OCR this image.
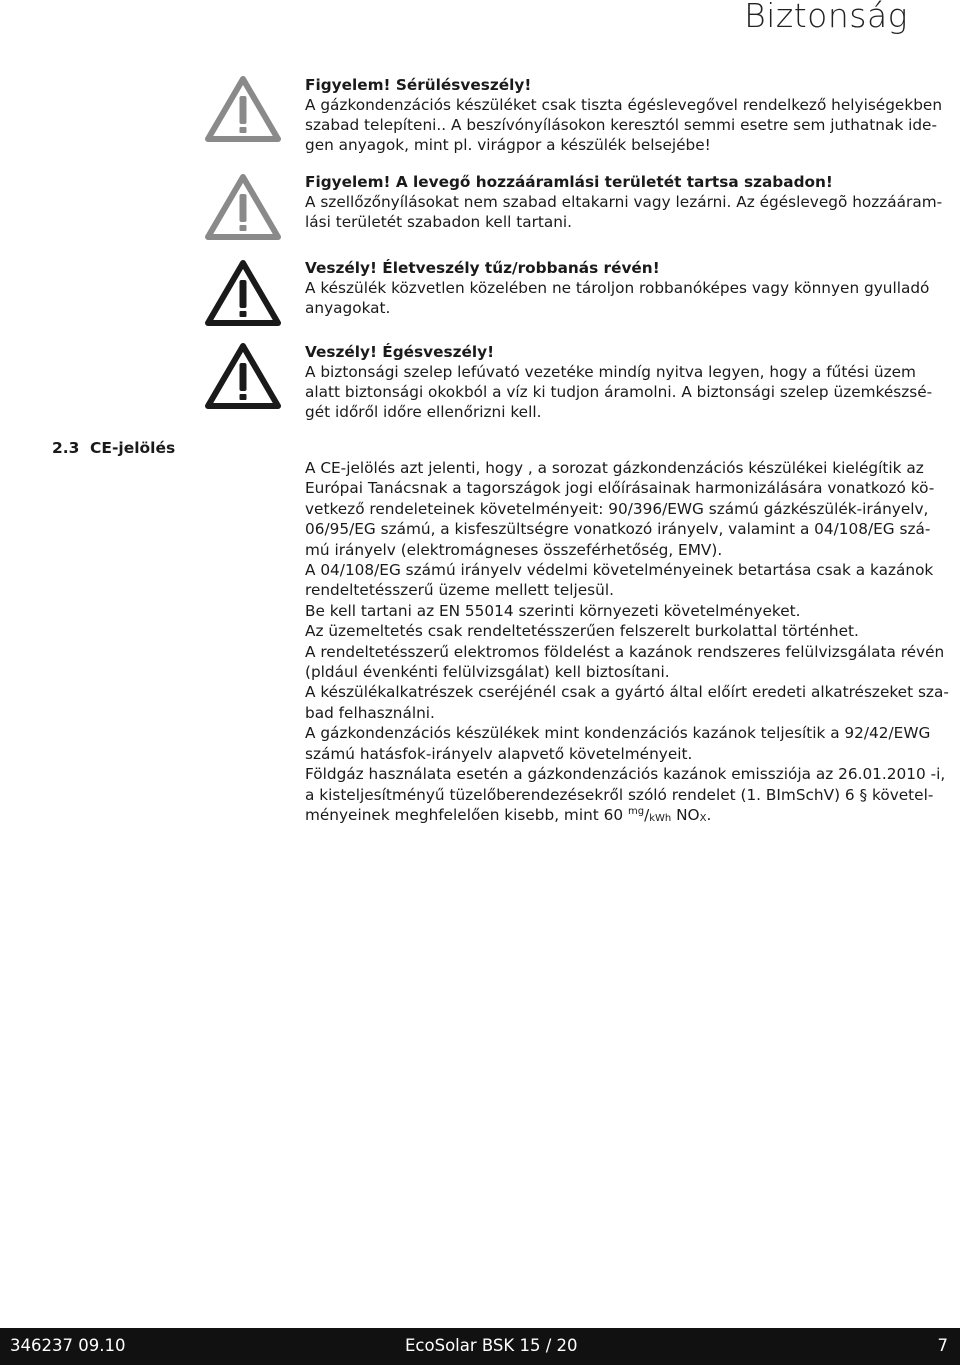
Biztonság
Figyelem! Sérülésveszély!
A gázkondenzációs készüléket csak tiszta égéslevegővel rendelkező helyiségekben
szabad telepíteni.. A beszívónyílásokon keresztól semmi esetre sem juthatnak ide-
gen anyagok, mint pl. virágpor a készülék belsejébe!
Figyelem! A levegő hozzááramlási területét tartsa szabadon!
A szellőzőnyílásokat nem szabad eltakarni vagy lezárni. Az égéslevegõ hozzááram-
lási területét szabadon kell tartani.
Veszély! Életveszély tűz/robbanás révén!
A készülék közvetlen közelében ne tároljon robbanóképes vagy könnyen gyulladó
anyagokat.
Veszély! Égésveszély!
A biztonsági szelep lefúvató vezetéke mindíg nyitva legyen, hogy a fűtési üzem
alatt biztonsági okokból a víz ki tudjon áramolni. A biztonsági szelep üzemkészsé-
gét időről időre ellenőrizni kell.
2.3 CE-jelölés
A CE-jelölés azt jelenti, hogy , a sorozat gázkondenzációs készülékei kielégítik az
Európai Tanácsnak a tagországok jogi előírásainak harmonizálására vonatkozó kö-
vetkező rendeleteinek követelményeit: 90/396/EWG számú gázkészülék-irányelv,
06/95/EG számú, a kisfeszültségre vonatkozó irányelv, valamint a 04/108/EG szá-
mú irányelv (elektromágneses összeférhetőség, EMV).
A 04/108/EG számú irányelv védelmi követelményeinek betartása csak a kazánok
rendeltetésszerű üzeme mellett teljesül.
Be kell tartani az EN 55014 szerinti környezeti követelményeket.
Az üzemeltetés csak rendeltetésszerűen felszerelt burkolattal történhet.
A rendeltetésszerű elektromos földelést a kazánok rendszeres felülvizsgálata révén
(pldául évenkénti felülvizsgálat) kell biztosítani.
A készülékalkatrészek cseréjénél csak a gyártó által előírt eredeti alkatrészeket sza-
bad felhasználni.
A gázkondenzációs készülékek mint kondenzációs kazánok teljesítik a 92/42/EWG
számú hatásfok-irányelv alapvető követelményeit.
Földgáz használata esetén a gázkondenzációs kazánok emissziója az 26.01.2010 -i,
a kisteljesítményű tüzelőberendezésekről szóló rendelet (1. BImSchV) 6 § követel-
ményeinek meghfelelően kisebb, mint 60 $^{mg}/_{kWh}$ $NO_X$.
346237 09.10	EcoSolar BSK 15 / 20	7
